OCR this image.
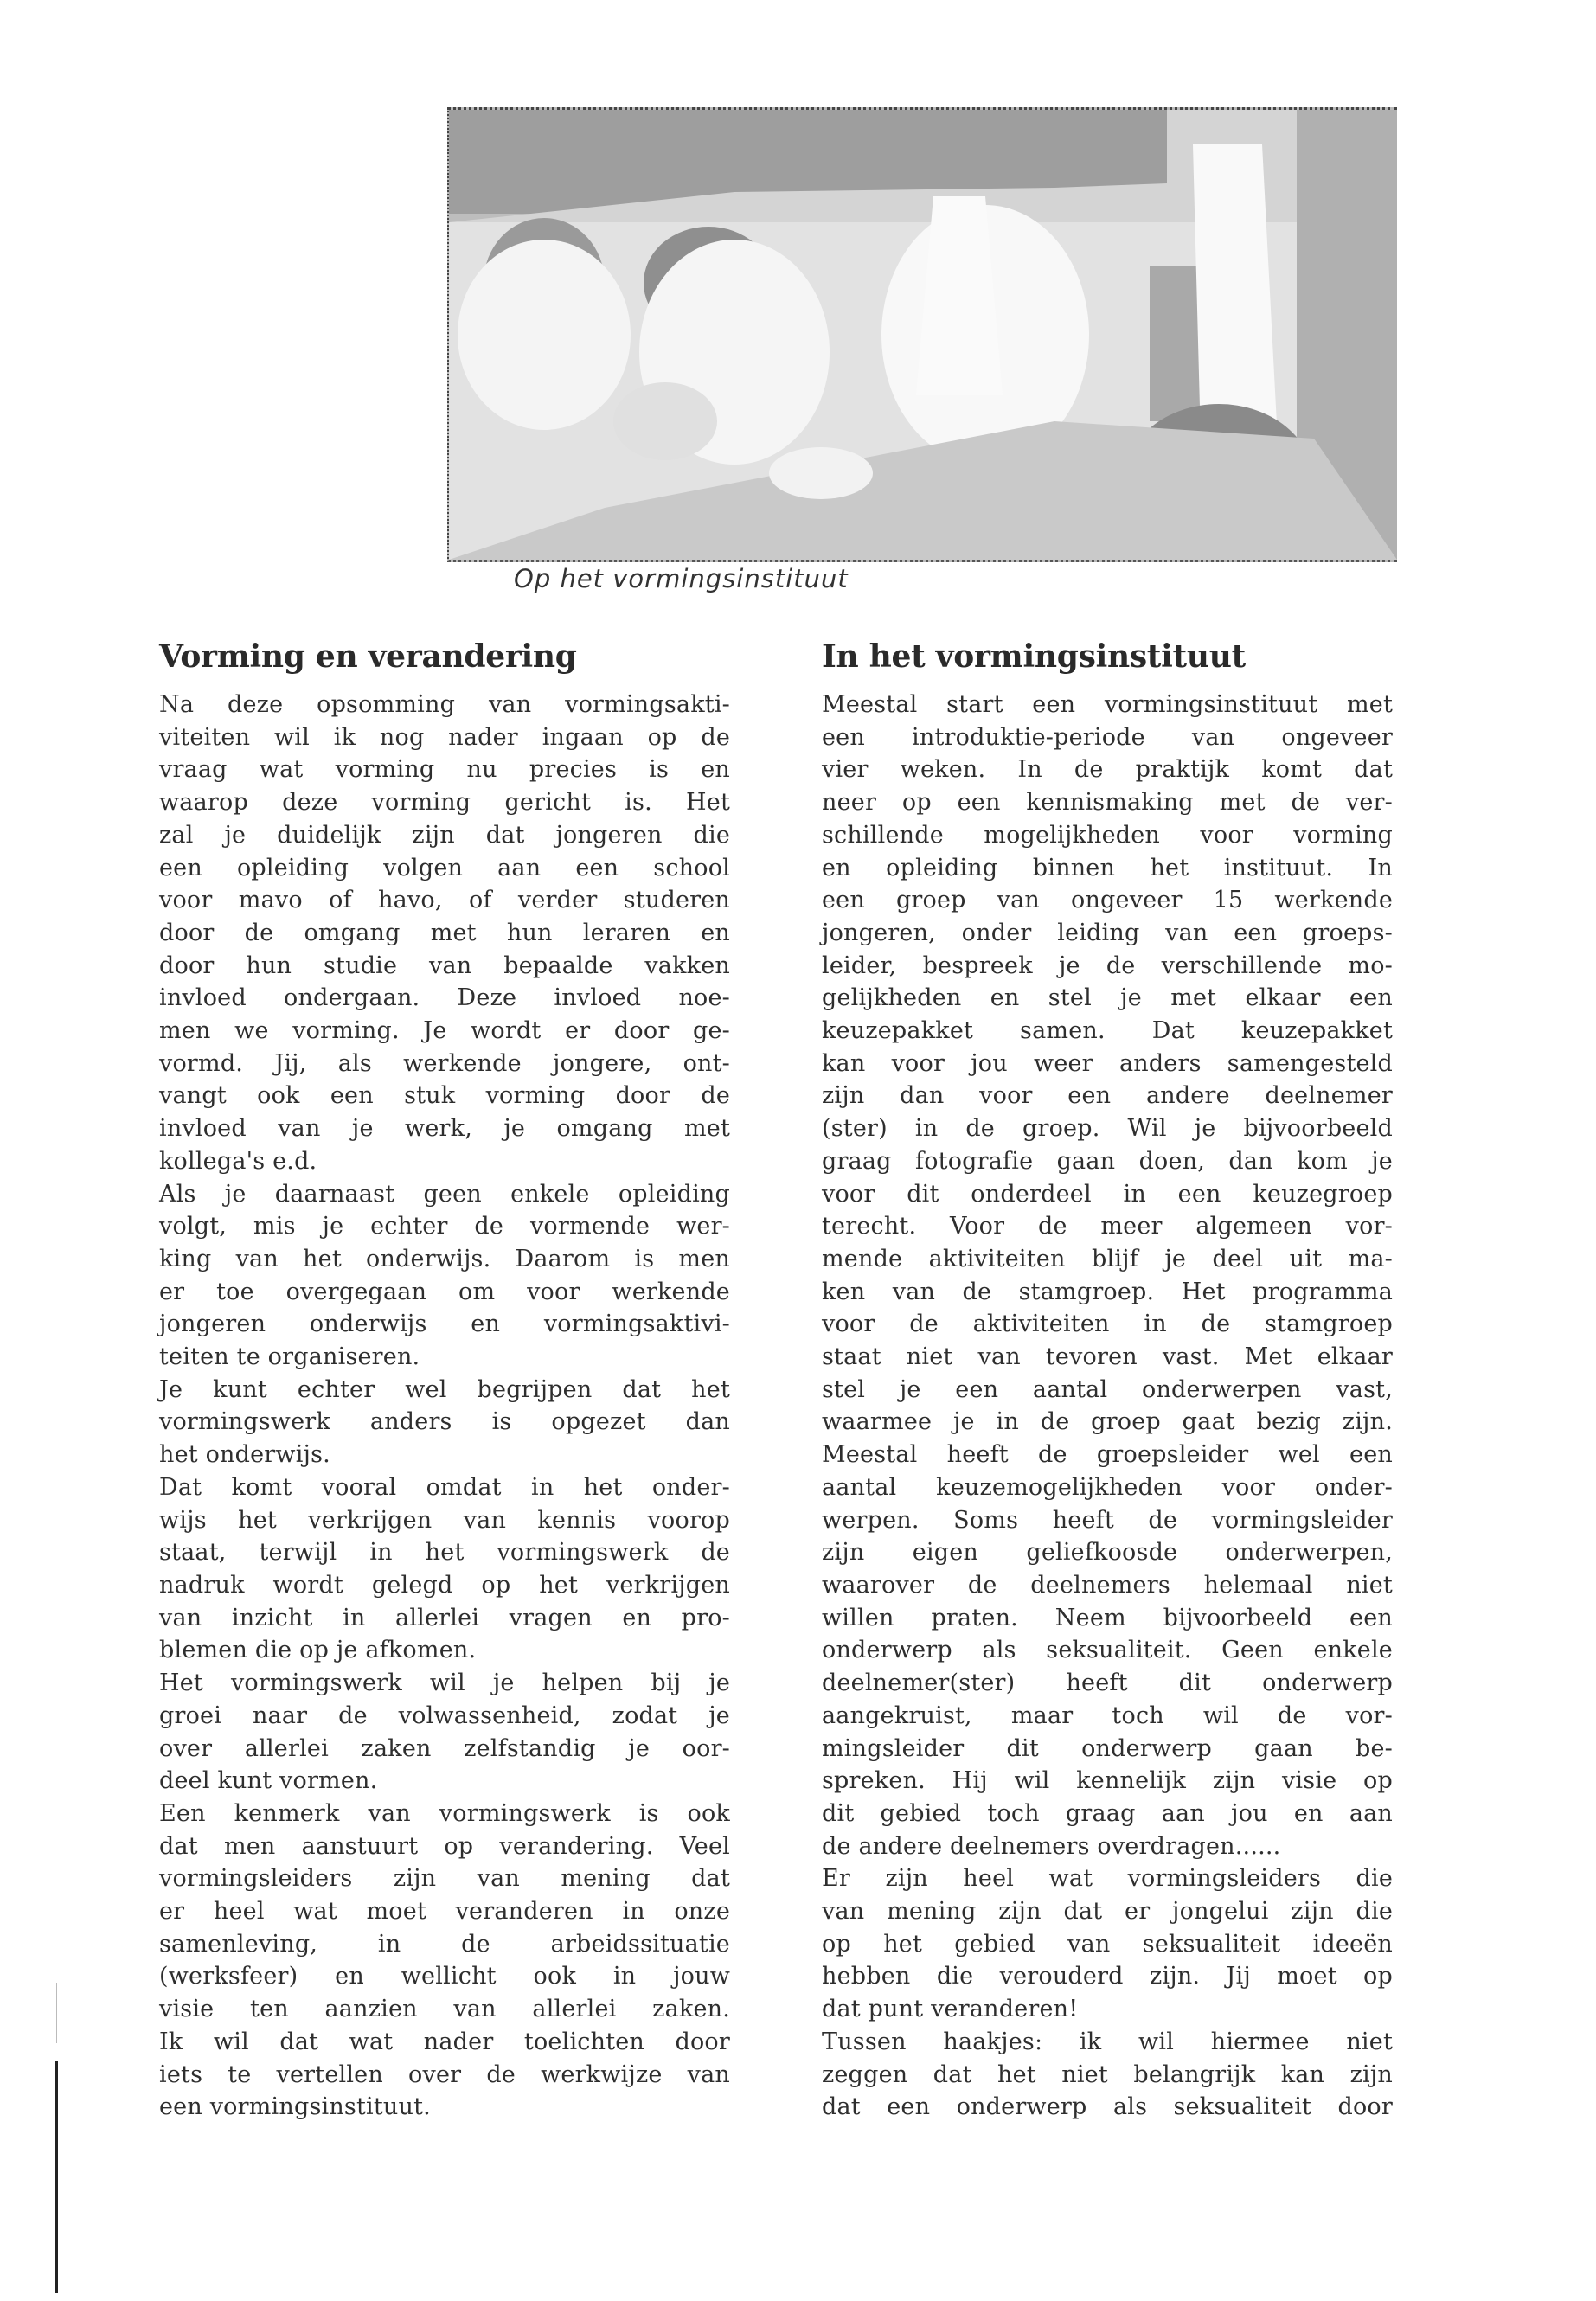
Op het vormingsinstituut
Vorming en verandering

Na deze opsomming van vormingsakti-
viteiten wil ik nog nader ingaan op de
vraag wat vorming nu precies is en
waarop deze vorming gericht is. Het
zal je duidelijk zijn dat jongeren die
een opleiding volgen aan een school
voor mavo of havo, of verder studeren
door de omgang met hun leraren en
door hun studie van bepaalde vakken
invloed ondergaan. Deze invloed noe-
men we vorming. Je wordt er door ge-
vormd. Jij, als werkende jongere, ont-
vangt ook een stuk vorming door de
invloed van je werk, je omgang met
kollega's e.d.

Als je daarnaast geen enkele opleiding
volgt, mis je echter de vormende wer-
king van het onderwijs. Daarom is men
er toe overgegaan om voor werkende
jongeren onderwijs en vormingsaktivi-
teiten te organiseren.

Je kunt echter wel begrijpen dat het
vormingswerk anders is opgezet dan
het onderwijs.

Dat komt vooral omdat in het onder-
wijs het verkrijgen van kennis voorop
staat, terwijl in het vormingswerk de
nadruk wordt gelegd op het verkrijgen
van inzicht in allerlei vragen en pro-
blemen die op je afkomen.

Het vormingswerk wil je helpen bij je
groei naar de volwassenheid, zodat je
over allerlei zaken zelfstandig je oor-
deel kunt vormen.

Een kenmerk van vormingswerk is ook
dat men aanstuurt op verandering. Veel
vormingsleiders zijn van mening dat
er heel wat moet veranderen in onze
samenleving, in de arbeidssituatie
(werksfeer) en wellicht ook in jouw
visie ten aanzien van allerlei zaken.
Ik wil dat wat nader toelichten door
iets te vertellen over de werkwijze van
een vormingsinstituut.

In het vormingsinstituut

Meestal start een vormingsinstituut met
een introduktie-periode van ongeveer
vier weken. In de praktijk komt dat
neer op een kennismaking met de ver-
schillende mogelijkheden voor vorming
en opleiding binnen het instituut. In
een groep van ongeveer 15 werkende
jongeren, onder leiding van een groeps-
leider, bespreek je de verschillende mo-
gelijkheden en stel je met elkaar een
keuzepakket samen. Dat keuzepakket
kan voor jou weer anders samengesteld
zijn dan voor een andere deelnemer
(ster) in de groep. Wil je bijvoorbeeld
graag fotografie gaan doen, dan kom je
voor dit onderdeel in een keuzegroep
terecht. Voor de meer algemeen vor-
mende aktiviteiten blijf je deel uit ma-
ken van de stamgroep. Het programma
voor de aktiviteiten in de stamgroep
staat niet van tevoren vast. Met elkaar
stel je een aantal onderwerpen vast,
waarmee je in de groep gaat bezig zijn.
Meestal heeft de groepsleider wel een
aantal keuzemogelijkheden voor onder-
werpen. Soms heeft de vormingsleider
zijn eigen geliefkoosde onderwerpen,
waarover de deelnemers helemaal niet
willen praten. Neem bijvoorbeeld een
onderwerp als seksualiteit. Geen enkele
deelnemer(ster) heeft dit onderwerp
aangekruist, maar toch wil de vor-
mingsleider dit onderwerp gaan be-
spreken. Hij wil kennelijk zijn visie op
dit gebied toch graag aan jou en aan
de andere deelnemers overdragen......

Er zijn heel wat vormingsleiders die
van mening zijn dat er jongelui zijn die
op het gebied van seksualiteit ideeën
hebben die verouderd zijn. Jij moet op
dat punt veranderen!

Tussen haakjes: ik wil hiermee niet
zeggen dat het niet belangrijk kan zijn
dat een onderwerp als seksualiteit door
